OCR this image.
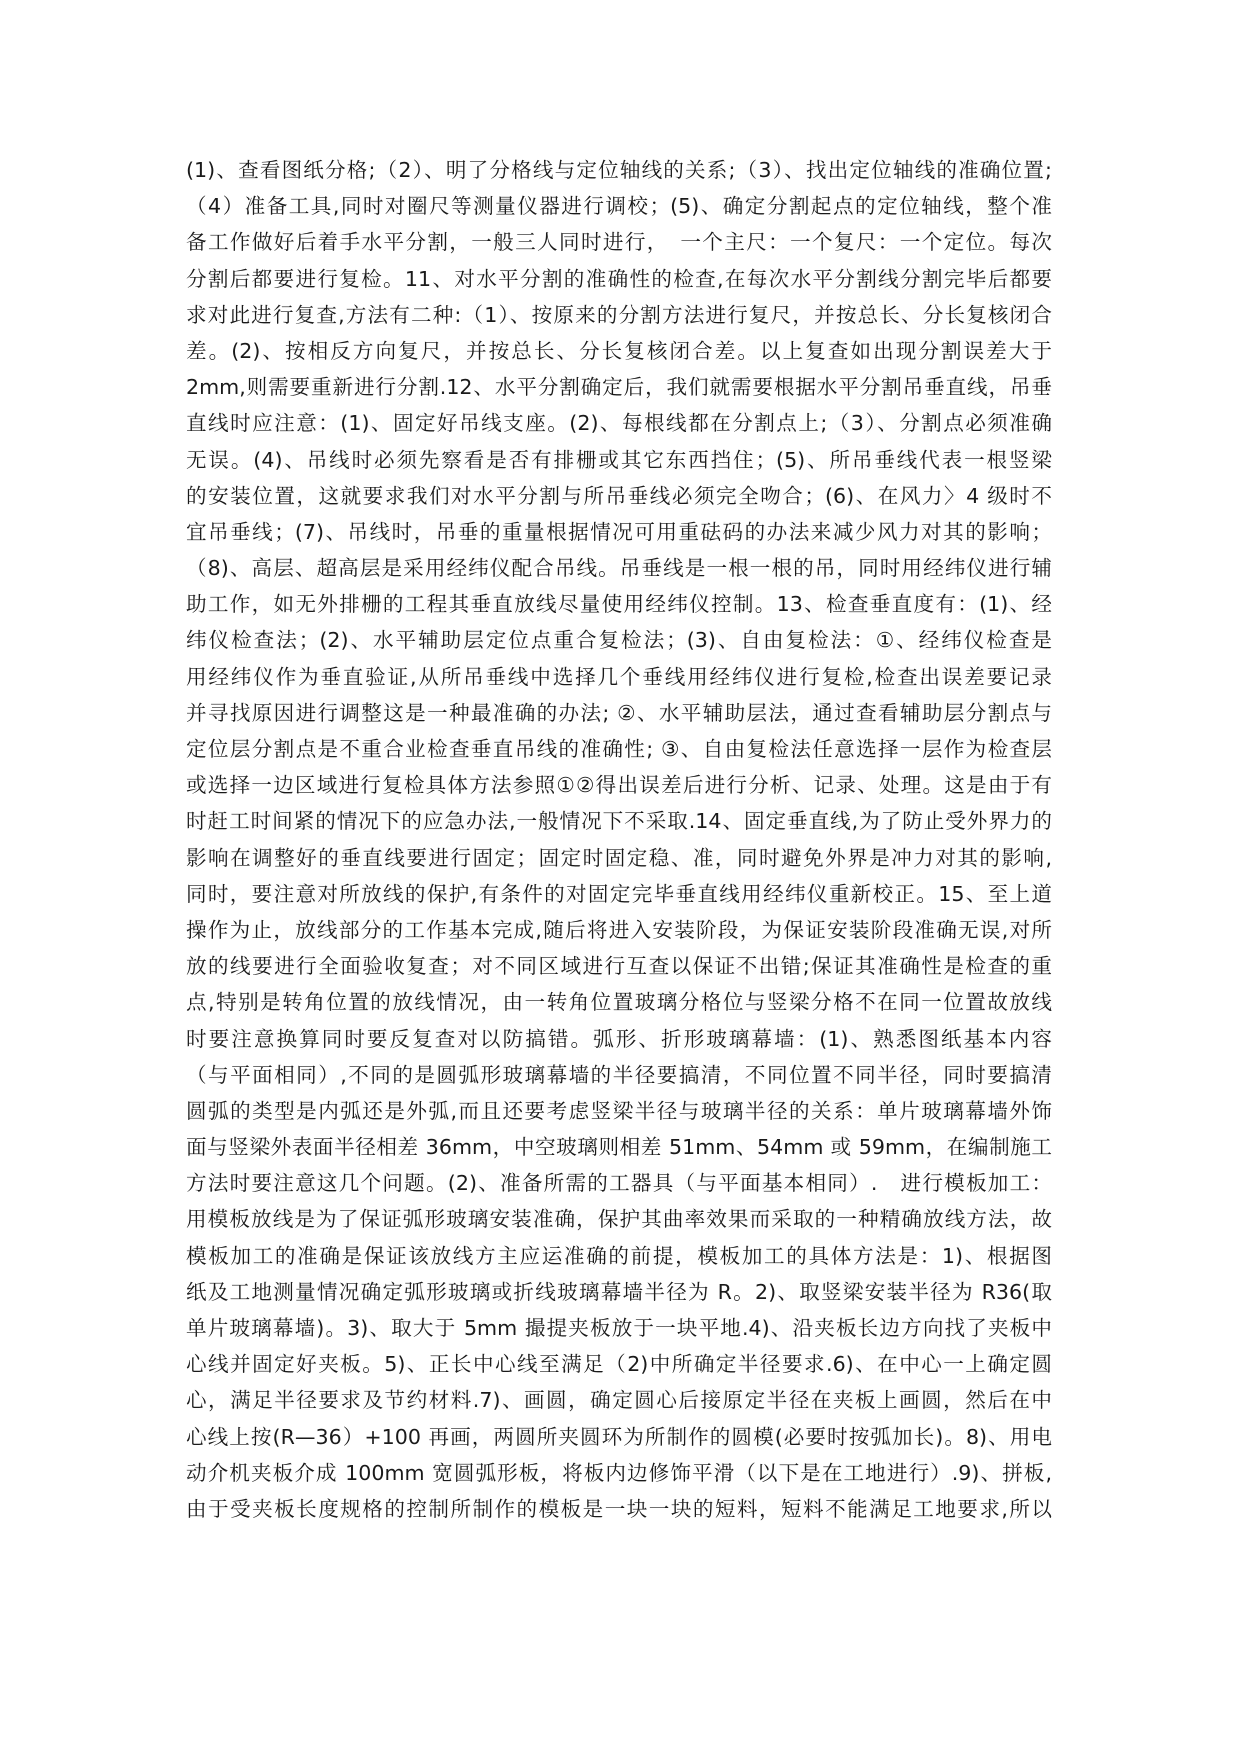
(1)、查看图纸分格;（2）、明了分格线与定位轴线的关系;（3）、找出定位轴线的准确位置;
（4）准备工具,同时对圈尺等测量仪器进行调校；(5)、确定分割起点的定位轴线，整个准
备工作做好后着手水平分割，一般三人同时进行，　一个主尺：一个复尺：一个定位。每次
分割后都要进行复检。11、对水平分割的准确性的检查,在每次水平分割线分割完毕后都要
求对此进行复查,方法有二种:（1）、按原来的分割方法进行复尺，并按总长、分长复核闭合
差。(2)、按相反方向复尺，并按总长、分长复核闭合差。以上复查如出现分割误差大于
2mm,则需要重新进行分割.12、水平分割确定后，我们就需要根据水平分割吊垂直线，吊垂
直线时应注意：(1)、固定好吊线支座。(2)、每根线都在分割点上;（3）、分割点必须准确
无误。(4)、吊线时必须先察看是否有排栅或其它东西挡住；(5)、所吊垂线代表一根竖梁
的安装位置，这就要求我们对水平分割与所吊垂线必须完全吻合；(6)、在风力〉4 级时不
宜吊垂线；(7)、吊线时，吊垂的重量根据情况可用重砝码的办法来减少风力对其的影响；
（8)、高层、超高层是采用经纬仪配合吊线。吊垂线是一根一根的吊，同时用经纬仪进行辅
助工作，如无外排栅的工程其垂直放线尽量使用经纬仪控制。13、检查垂直度有：(1)、经
纬仪检查法；(2)、水平辅助层定位点重合复检法；(3)、自由复检法：①、经纬仪检查是
用经纬仪作为垂直验证,从所吊垂线中选择几个垂线用经纬仪进行复检,检查出误差要记录
并寻找原因进行调整这是一种最准确的办法; ②、水平辅助层法，通过查看辅助层分割点与
定位层分割点是不重合业检查垂直吊线的准确性; ③、自由复检法任意选择一层作为检查层
或选择一边区域进行复检具体方法参照①②得出误差后进行分析、记录、处理。这是由于有
时赶工时间紧的情况下的应急办法,一般情况下不采取.14、固定垂直线,为了防止受外界力的
影响在调整好的垂直线要进行固定；固定时固定稳、准，同时避免外界是冲力对其的影响,
同时，要注意对所放线的保护,有条件的对固定完毕垂直线用经纬仪重新校正。15、至上道
操作为止，放线部分的工作基本完成,随后将进入安装阶段，为保证安装阶段准确无误,对所
放的线要进行全面验收复查；对不同区域进行互查以保证不出错;保证其准确性是检查的重
点,特别是转角位置的放线情况，由一转角位置玻璃分格位与竖梁分格不在同一位置故放线
时要注意换算同时要反复查对以防搞错。弧形、折形玻璃幕墙：(1)、熟悉图纸基本内容
（与平面相同）,不同的是圆弧形玻璃幕墙的半径要搞清，不同位置不同半径，同时要搞清
圆弧的类型是内弧还是外弧,而且还要考虑竖梁半径与玻璃半径的关系：单片玻璃幕墙外饰
面与竖梁外表面半径相差 36mm，中空玻璃则相差 51mm、54mm 或 59mm，在编制施工
方法时要注意这几个问题。(2)、准备所需的工器具（与平面基本相同）.　进行模板加工：
用模板放线是为了保证弧形玻璃安装准确，保护其曲率效果而采取的一种精确放线方法，故
模板加工的准确是保证该放线方主应运准确的前提，模板加工的具体方法是：1)、根据图
纸及工地测量情况确定弧形玻璃或折线玻璃幕墙半径为 R。2)、取竖梁安装半径为 R36(取
单片玻璃幕墙)。3)、取大于 5mm 撮提夹板放于一块平地.4)、沿夹板长边方向找了夹板中
心线并固定好夹板。5)、正长中心线至满足（2)中所确定半径要求.6)、在中心一上确定圆
心，满足半径要求及节约材料.7)、画圆，确定圆心后接原定半径在夹板上画圆，然后在中
心线上按(R—36）+100 再画，两圆所夹圆环为所制作的圆模(必要时按弧加长)。8)、用电
动介机夹板介成 100mm 宽圆弧形板，将板内边修饰平滑（以下是在工地进行）.9)、拼板,
由于受夹板长度规格的控制所制作的模板是一块一块的短料，短料不能满足工地要求,所以
